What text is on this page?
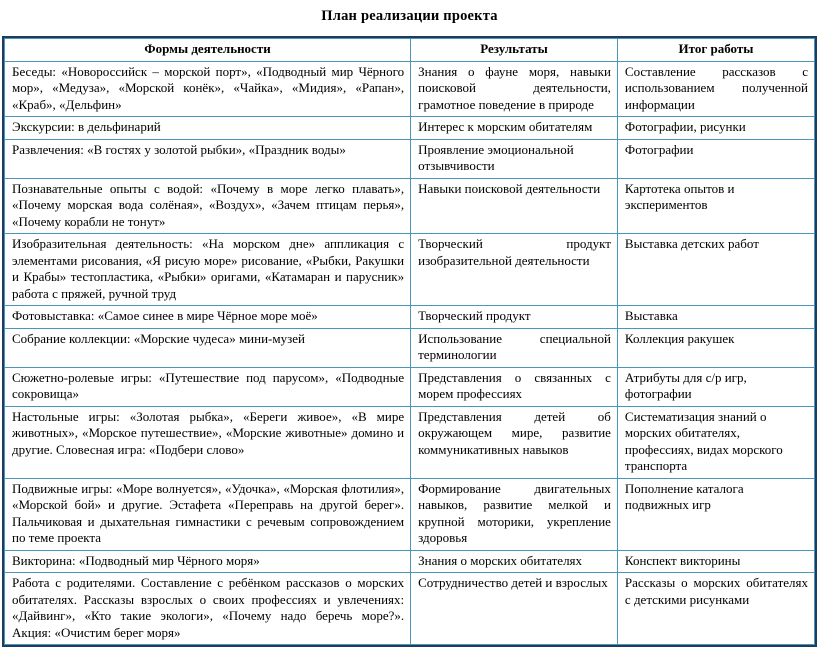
План реализации проекта
Формы деятельности	Результаты	Итог работы
Беседы: «Новороссийск – морской порт», «Подводный мир Чёрного мор», «Медуза», «Морской конёк», «Чайка», «Мидия», «Рапан», «Краб», «Дельфин»	Знания о фауне моря, навыки поисковой деятельности, грамотное поведение в природе	Составление рассказов с использованием полученной информации
Экскурсии: в дельфинарий	Интерес к морским обитателям	Фотографии, рисунки
Развлечения: «В гостях у золотой рыбки», «Праздник воды»	Проявление эмоциональной отзывчивости	Фотографии
Познавательные опыты с водой: «Почему в море легко плавать», «Почему морская вода солёная», «Воздух», «Зачем птицам перья», «Почему корабли не тонут»	Навыки поисковой деятельности	Картотека опытов и экспериментов
Изобразительная деятельность: «На морском дне» аппликация с элементами рисования, «Я рисую море» рисование, «Рыбки, Ракушки и Крабы» тестопластика, «Рыбки» оригами, «Катамаран и парусник» работа с пряжей, ручной труд	Творческий продукт изобразительной деятельности	Выставка детских работ
Фотовыставка: «Самое синее в мире Чёрное море моё»	Творческий продукт	Выставка
Собрание коллекции: «Морские чудеса» мини-музей	Использование специальной терминологии	Коллекция ракушек
Сюжетно-ролевые игры: «Путешествие под парусом», «Подводные сокровища»	Представления о связанных с морем профессиях	Атрибуты для с/р игр, фотографии
Настольные игры: «Золотая рыбка», «Береги живое», «В мире животных», «Морское путешествие», «Морские животные» домино и другие. Словесная игра: «Подбери слово»	Представления детей об окружающем мире, развитие коммуникативных навыков	Систематизация знаний о морских обитателях, профессиях, видах морского транспорта
Подвижные игры: «Море волнуется», «Удочка», «Морская флотилия», «Морской бой» и другие. Эстафета «Переправь на другой берег». Пальчиковая и дыхательная гимнастики с речевым сопровождением по теме проекта	Формирование двигательных навыков, развитие мелкой и крупной моторики, укрепление здоровья	Пополнение каталога подвижных игр
Викторина: «Подводный мир Чёрного моря»	Знания о морских обитателях	Конспект викторины
Работа с родителями. Составление с ребёнком рассказов о морских обитателях. Рассказы взрослых о своих профессиях и увлечениях: «Дайвинг», «Кто такие экологи», «Почему надо беречь море?». Акция: «Очистим берег моря»	Сотрудничество детей и взрослых	Рассказы о морских обитателях с детскими рисунками
